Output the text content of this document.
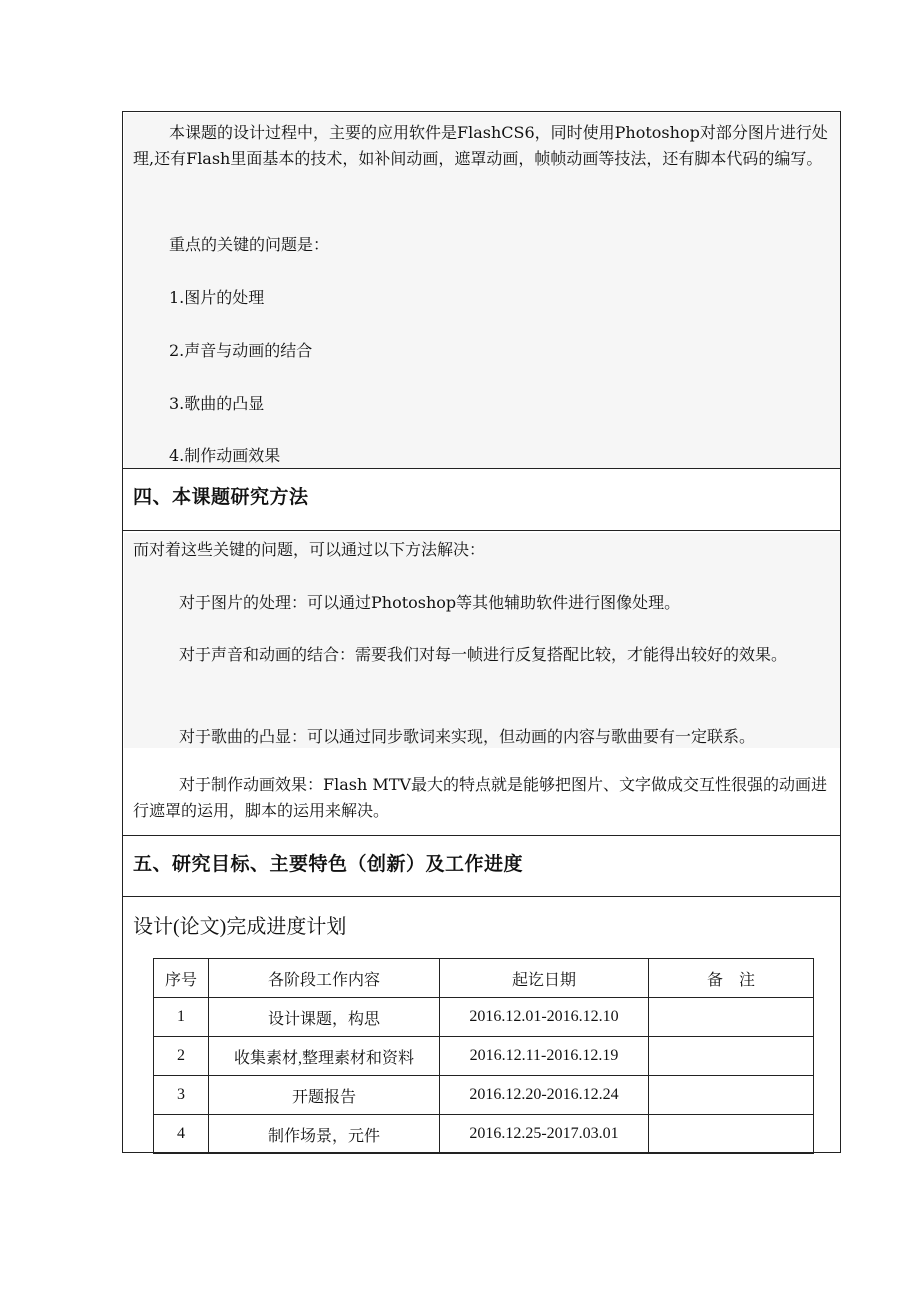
本课题的设计过程中，主要的应用软件是FlashCS6，同时使用Photoshop对部分图片进行处理,还有Flash里面基本的技术，如补间动画，遮罩动画，帧帧动画等技法，还有脚本代码的编写。

重点的关键的问题是：

1.图片的处理

2.声音与动画的结合

3.歌曲的凸显

4.制作动画效果

四、本课题研究方法

而对着这些关键的问题，可以通过以下方法解决：

对于图片的处理：可以通过Photoshop等其他辅助软件进行图像处理。

对于声音和动画的结合：需要我们对每一帧进行反复搭配比较，才能得出较好的效果。

对于歌曲的凸显：可以通过同步歌词来实现，但动画的内容与歌曲要有一定联系。

对于制作动画效果：Flash MTV最大的特点就是能够把图片、文字做成交互性很强的动画进行遮罩的运用，脚本的运用来解决。

五、研究目标、主要特色（创新）及工作进度
设计(论文)完成进度计划
序号	各阶段工作内容	起讫日期	备　注
1	设计课题，构思	2016.12.01-2016.12.10	
2	收集素材,整理素材和资料	2016.12.11-2016.12.19	
3	开题报告	2016.12.20-2016.12.24	
4	制作场景，元件	2016.12.25-2017.03.01	
